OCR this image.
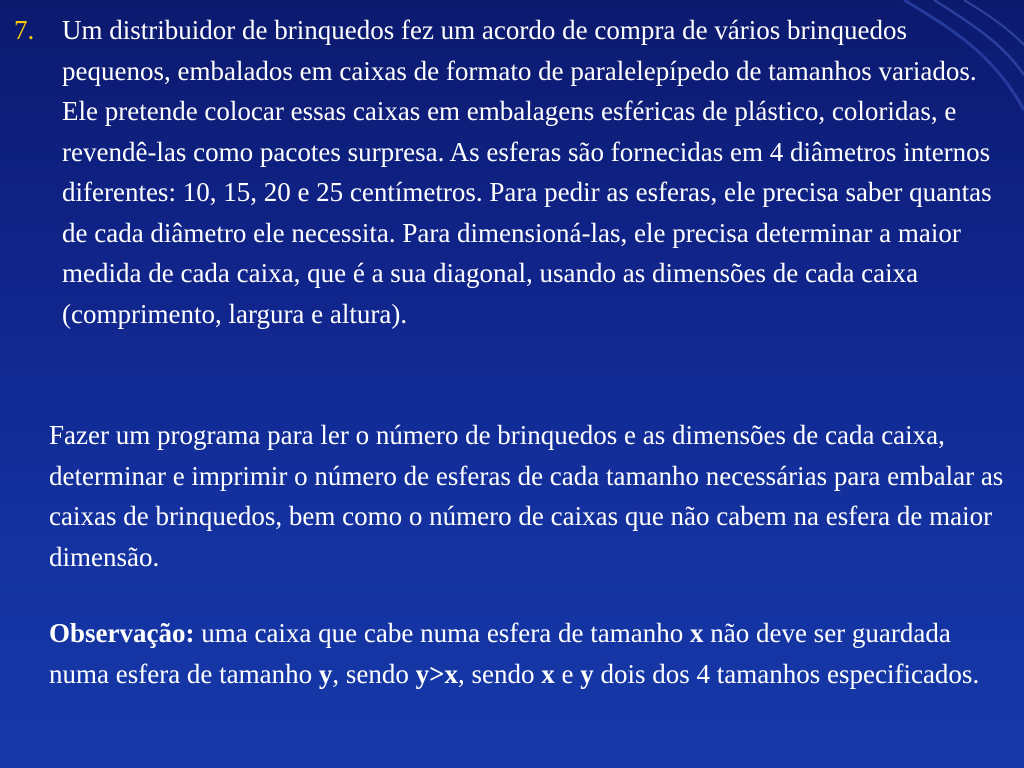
7. Um distribuidor de brinquedos fez um acordo de compra de vários brinquedos pequenos, embalados em caixas de formato de paralelepípedo de tamanhos variados. Ele pretende colocar essas caixas em embalagens esféricas de plástico, coloridas, e revendê-las como pacotes surpresa. As esferas são fornecidas em 4 diâmetros internos diferentes: 10, 15, 20 e 25 centímetros. Para pedir as esferas, ele precisa saber quantas de cada diâmetro ele necessita. Para dimensioná-las, ele precisa determinar a maior medida de cada caixa, que é a sua diagonal, usando as dimensões de cada caixa (comprimento, largura e altura).

Fazer um programa para ler o número de brinquedos e as dimensões de cada caixa, determinar e imprimir o número de esferas de cada tamanho necessárias para embalar as caixas de brinquedos, bem como o número de caixas que não cabem na esfera de maior dimensão.

Observação: uma caixa que cabe numa esfera de tamanho x não deve ser guardada numa esfera de tamanho y, sendo y>x, sendo x e y dois dos 4 tamanhos especificados.
